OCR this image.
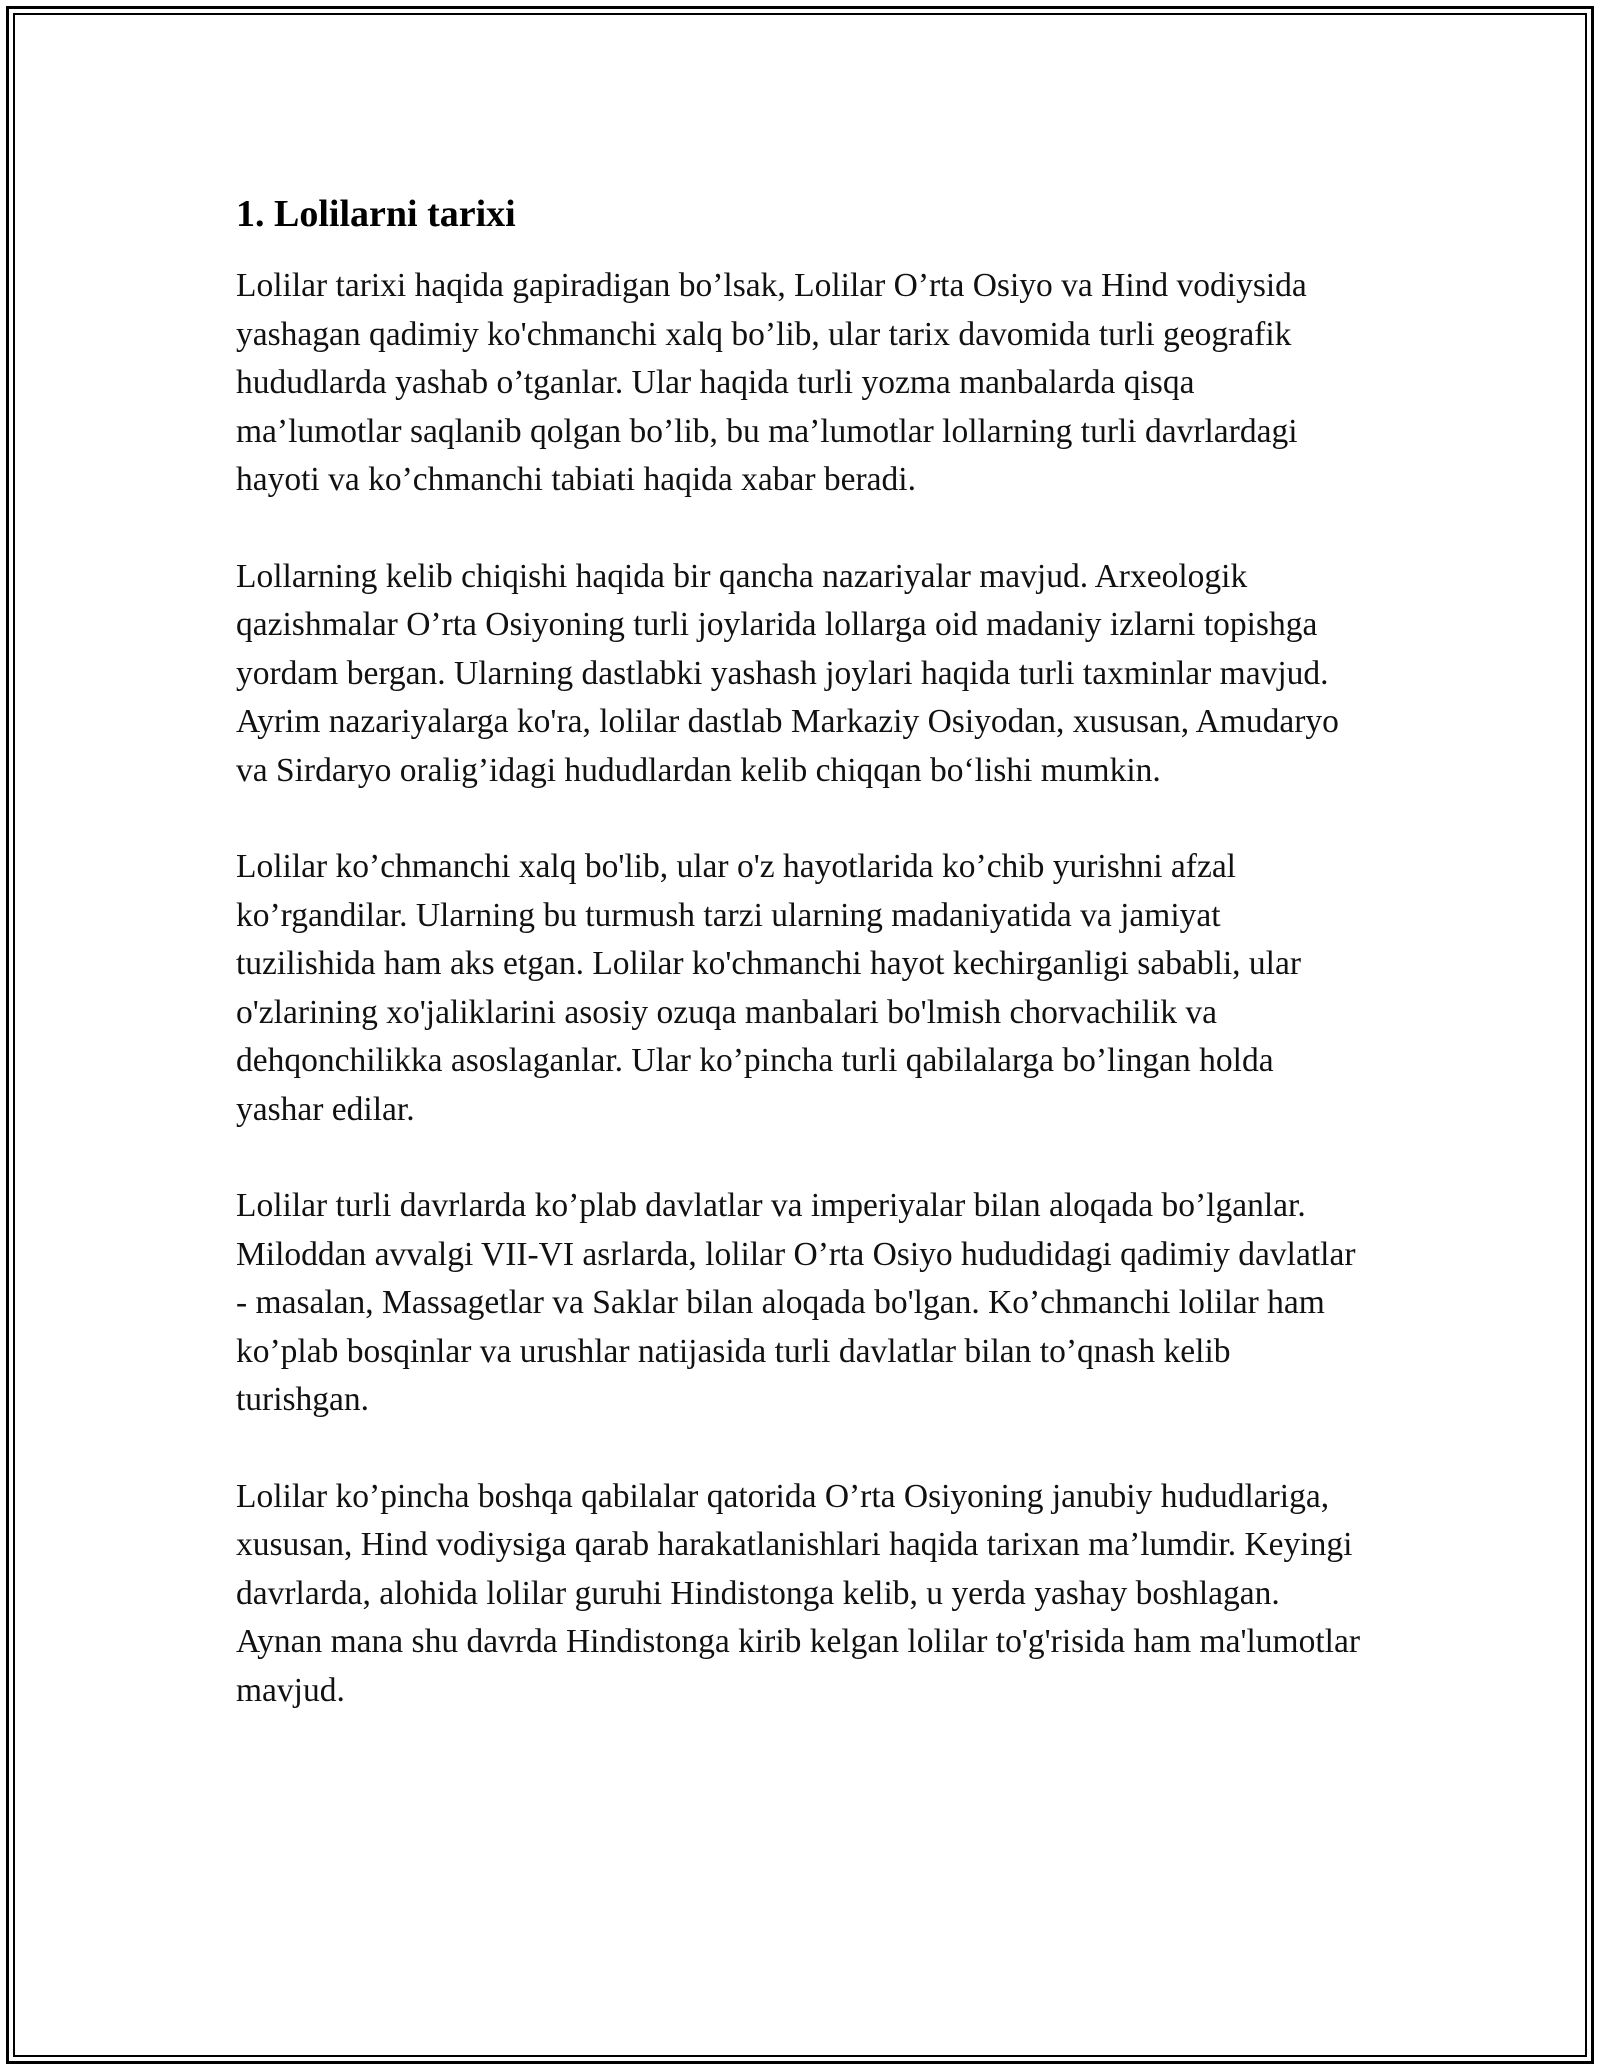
1. Lolilarni tarixi

Lolilar tarixi haqida gapiradigan bo’lsak, Lolilar O’rta Osiyo va Hind vodiysida yashagan qadimiy ko'chmanchi xalq bo’lib, ular tarix davomida turli geografik hududlarda yashab o’tganlar. Ular haqida turli yozma manbalarda qisqa ma’lumotlar saqlanib qolgan bo’lib, bu ma’lumotlar lollarning turli davrlardagi hayoti va ko’chmanchi tabiati haqida xabar beradi.

Lollarning kelib chiqishi haqida bir qancha nazariyalar mavjud. Arxeologik qazishmalar O’rta Osiyoning turli joylarida lollarga oid madaniy izlarni topishga yordam bergan. Ularning dastlabki yashash joylari haqida turli taxminlar mavjud. Ayrim nazariyalarga ko'ra, lolilar dastlab Markaziy Osiyodan, xususan, Amudaryo va Sirdaryo oralig’idagi hududlardan kelib chiqqan bo‘lishi mumkin.

Lolilar ko’chmanchi xalq bo'lib, ular o'z hayotlarida ko’chib yurishni afzal ko’rgandilar. Ularning bu turmush tarzi ularning madaniyatida va jamiyat tuzilishida ham aks etgan. Lolilar ko'chmanchi hayot kechirganligi sababli, ular o'zlarining xo'jaliklarini asosiy ozuqa manbalari bo'lmish chorvachilik va dehqonchilikka asoslaganlar. Ular ko’pincha turli qabilalarga bo’lingan holda yashar edilar.

Lolilar turli davrlarda ko’plab davlatlar va imperiyalar bilan aloqada bo’lganlar. Miloddan avvalgi VII-VI asrlarda, lolilar O’rta Osiyo hududidagi qadimiy davlatlar - masalan, Massagetlar va Saklar bilan aloqada bo'lgan. Ko’chmanchi lolilar ham ko’plab bosqinlar va urushlar natijasida turli davlatlar bilan to’qnash kelib turishgan.

Lolilar ko’pincha boshqa qabilalar qatorida O’rta Osiyoning janubiy hududlariga, xususan, Hind vodiysiga qarab harakatlanishlari haqida tarixan ma’lumdir. Keyingi davrlarda, alohida lolilar guruhi Hindistonga kelib, u yerda yashay boshlagan. Aynan mana shu davrda Hindistonga kirib kelgan lolilar to'g'risida ham ma'lumotlar mavjud.
